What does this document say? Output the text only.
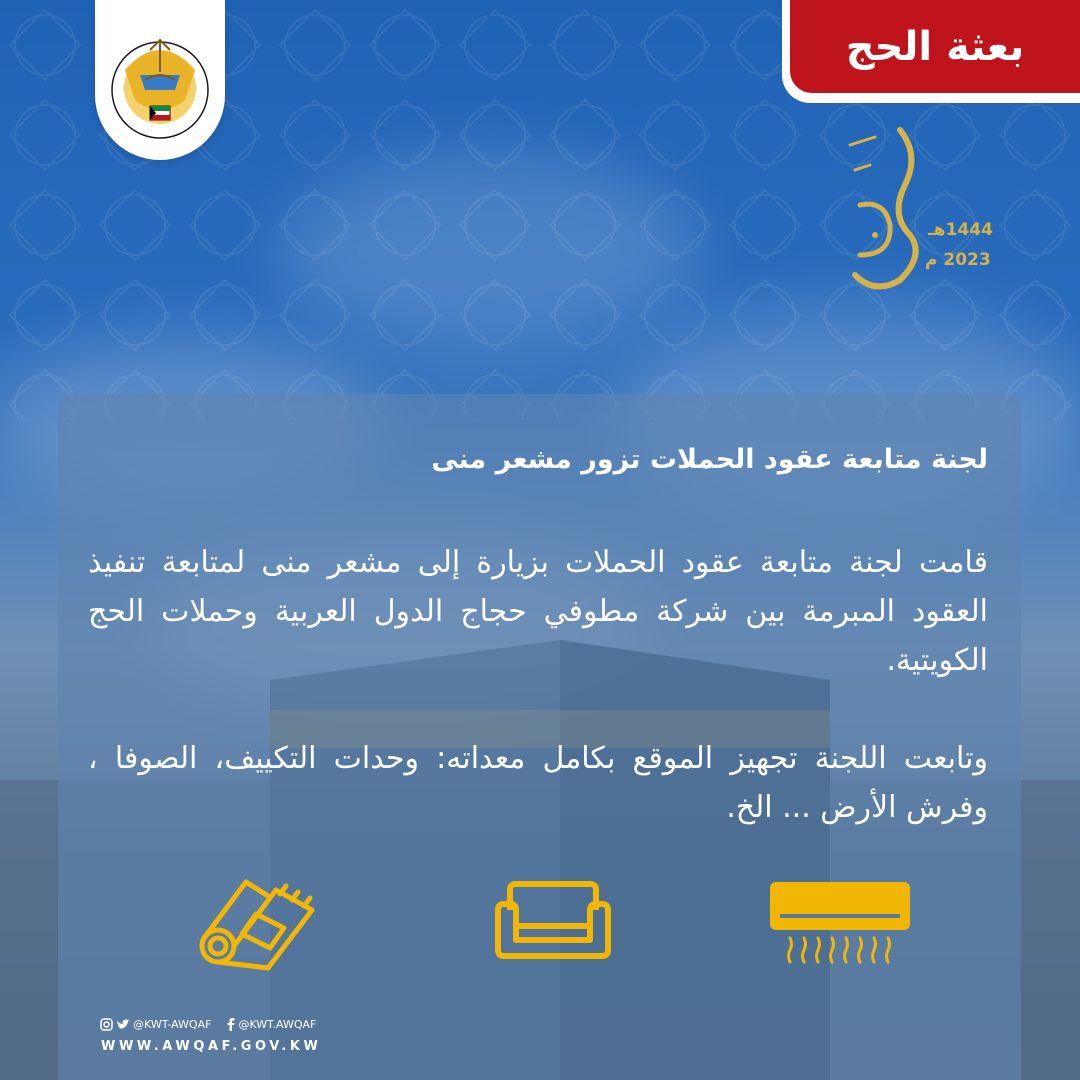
بعثة الحج
1444هـ
2023 م
لجنة متابعة عقود الحملات تزور مشعر منى

قامت لجنة متابعة عقود الحملات بزيارة إلى مشعر منى لمتابعة تنفيذ العقود المبرمة بين شركة مطوفي حجاج الدول العربية وحملات الحج الكويتية.

وتابعت اللجنة تجهيز الموقع بكامل معداته: وحدات التكييف، الصوفا ، وفرش الأرض ... الخ.

@KWT-AWQAF @KWT.AWQAF
WWW.AWQAF.GOV.KW
